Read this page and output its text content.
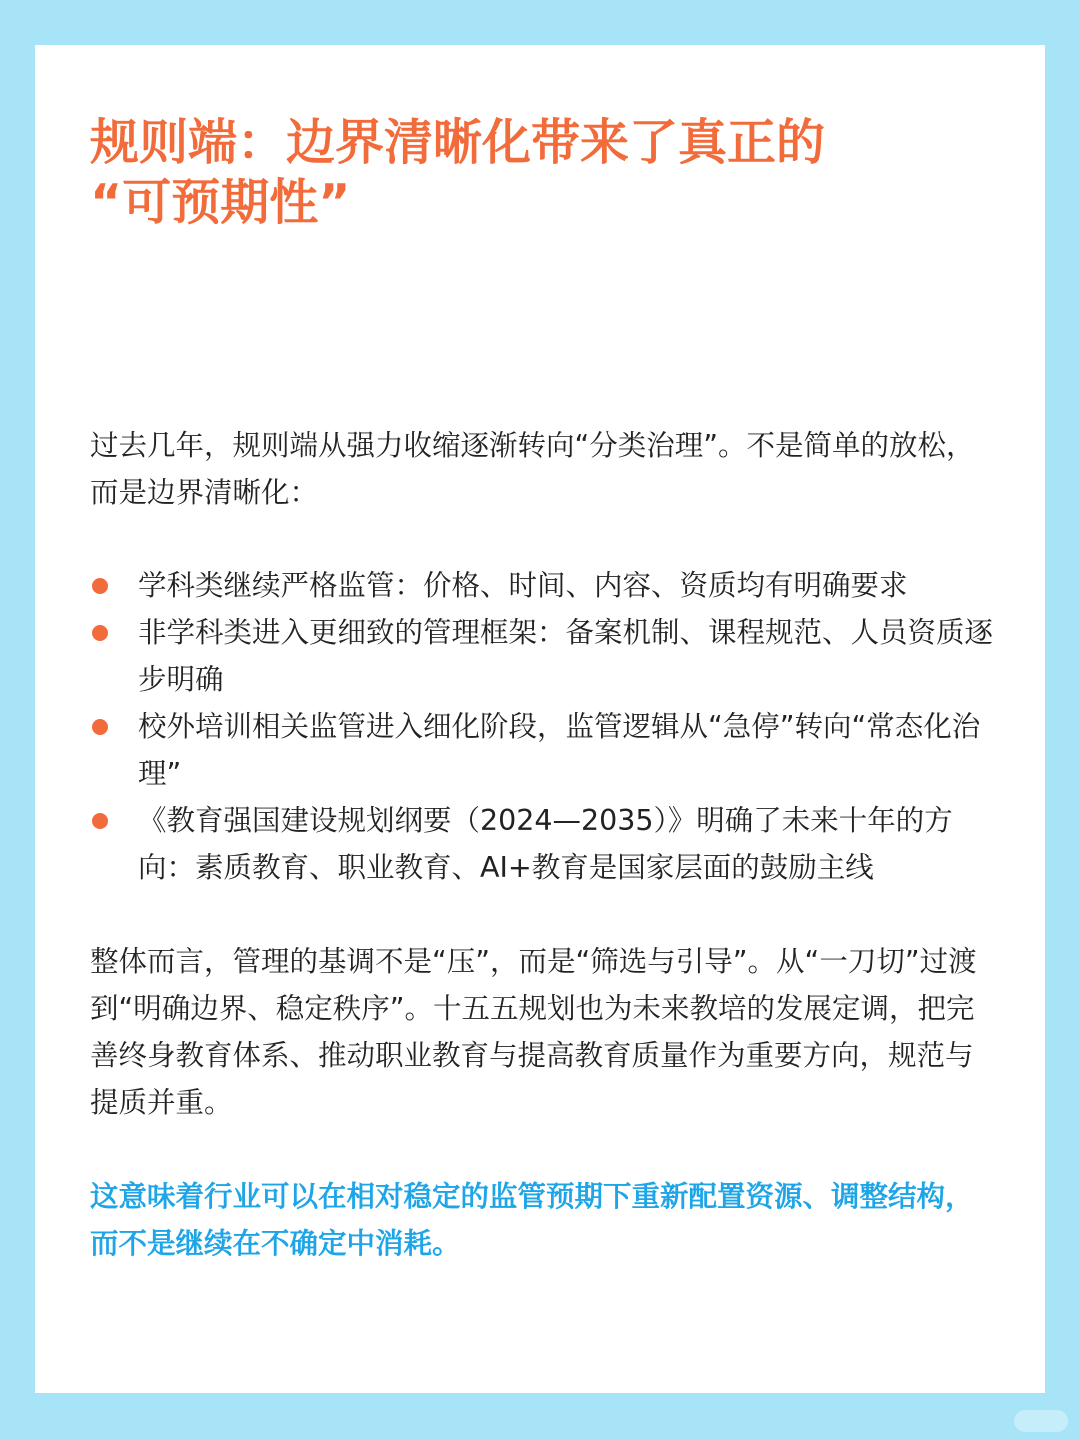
规则端：边界清晰化带来了真正的
“可预期性”

过去几年，规则端从强力收缩逐渐转向“分类治理”。不是简单的放松，而是边界清晰化：

学科类继续严格监管：价格、时间、内容、资质均有明确要求
非学科类进入更细致的管理框架：备案机制、课程规范、人员资质逐步明确
校外培训相关监管进入细化阶段，监管逻辑从“急停”转向“常态化治理”
《教育强国建设规划纲要（2024—2035）》明确了未来十年的方向：素质教育、职业教育、AI+教育是国家层面的鼓励主线

整体而言，管理的基调不是“压”，而是“筛选与引导”。从“一刀切”过渡到“明确边界、稳定秩序”。十五五规划也为未来教培的发展定调，把完善终身教育体系、推动职业教育与提高教育质量作为重要方向，规范与提质并重。

这意味着行业可以在相对稳定的监管预期下重新配置资源、调整结构，而不是继续在不确定中消耗。
